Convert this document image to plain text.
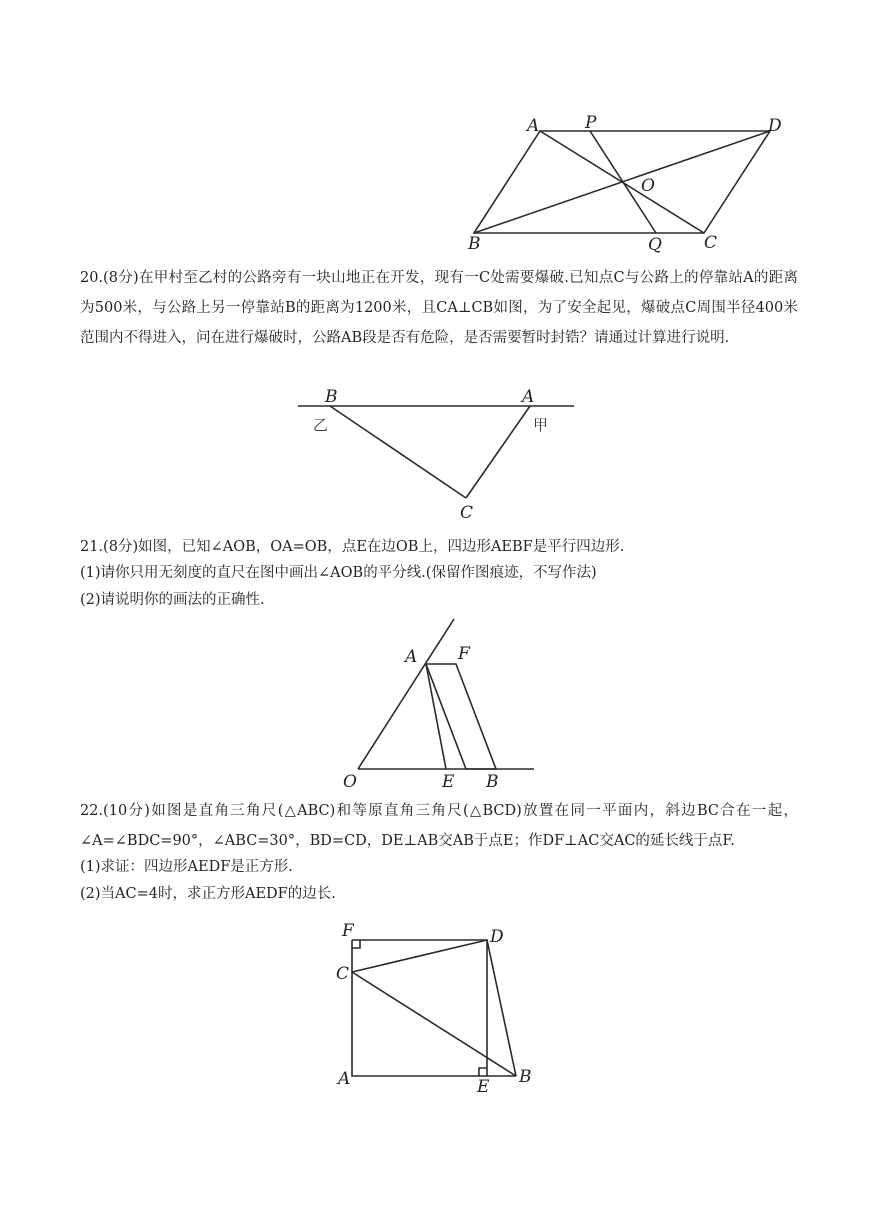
A	P	D
O
B	Q C

20.(8分)在甲村至乙村的公路旁有一块山地正在开发，现有一C处需要爆破.已知点C与公路上的停靠站A的距离为500米，与公路上另一停靠站B的距离为1200米，且CA⊥CB如图，为了安全起见，爆破点C周围半径400米范围内不得进入，问在进行爆破时，公路AB段是否有危险，是否需要暂时封锆？请通过计算进行说明.

B	A
C
乙	甲

21.(8分)如图，已知∠AOB，OA=OB，点E在边OB上，四边形AEBF是平行四边形.

(1)请你只用无刻度的直尺在图中画出∠AOB的平分线.(保留作图痕迹，不写作法)

(2)请说明你的画法的正确性.

A F
O	E B

22.(10分)如图是直角三角尺(△ABC)和等原直角三角尺(△BCD)放置在同一平面内，斜边BC合在一起，∠A=∠BDC=90°，∠ABC=30°，BD=CD，DE⊥AB交AB于点E；作DF⊥AC交AC的延长线于点F.

(1)求证：四边形AEDF是正方形.

(2)当AC=4时，求正方形AEDF的边长.

F	D
C
A	E B
